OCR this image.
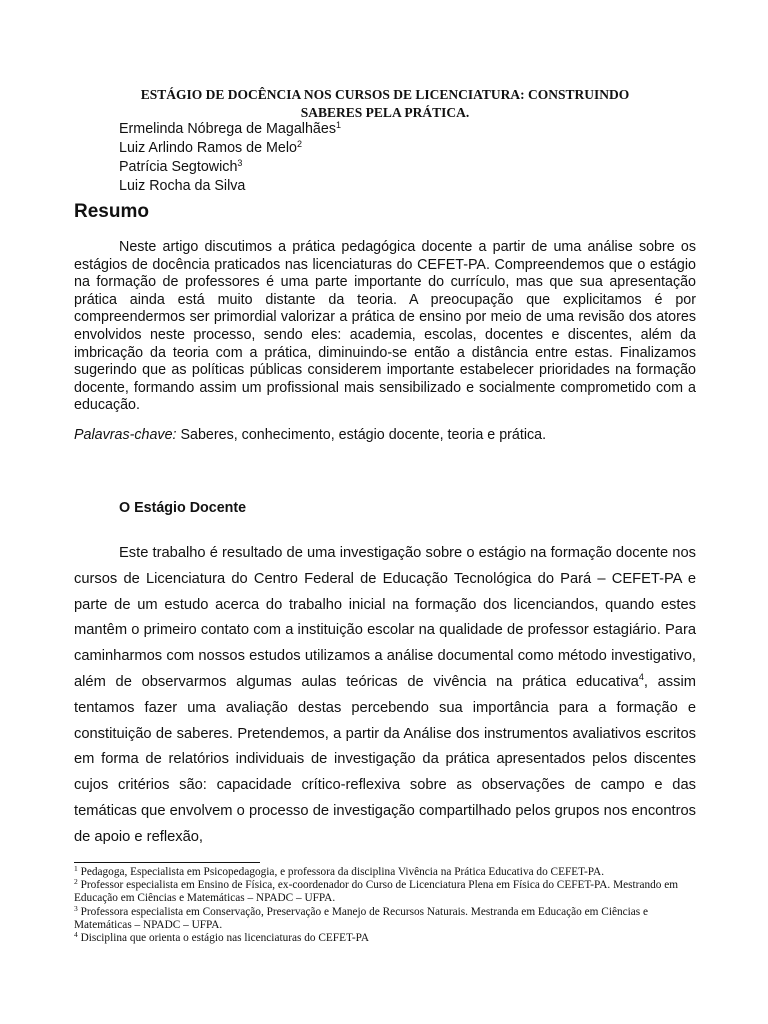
ESTÁGIO DE DOCÊNCIA NOS CURSOS DE LICENCIATURA: CONSTRUINDO
SABERES PELA PRÁTICA.
Ermelinda Nóbrega de Magalhães$^1$
Luiz Arlindo Ramos de Melo$^2$
Patrícia Segtowich$^3$
Luiz Rocha da Silva
Resumo

Neste artigo discutimos a prática pedagógica docente a partir de uma análise sobre os estágios de docência praticados nas licenciaturas do CEFET-PA. Compreendemos que o estágio na formação de professores é uma parte importante do currículo, mas que sua apresentação prática ainda está muito distante da teoria. A preocupação que explicitamos é por compreendermos ser primordial valorizar a prática de ensino por meio de uma revisão dos atores envolvidos neste processo, sendo eles: academia, escolas, docentes e discentes, além da imbricação da teoria com a prática, diminuindo-se então a distância entre estas. Finalizamos sugerindo que as políticas públicas considerem importante estabelecer prioridades na formação docente, formando assim um profissional mais sensibilizado e socialmente comprometido com a educação.

Palavras-chave: Saberes, conhecimento, estágio docente, teoria e prática.
O Estágio Docente

Este trabalho é resultado de uma investigação sobre o estágio na formação docente nos cursos de Licenciatura do Centro Federal de Educação Tecnológica do Pará – CEFET-PA e parte de um estudo acerca do trabalho inicial na formação dos licenciandos, quando estes mantêm o primeiro contato com a instituição escolar na qualidade de professor estagiário. Para caminharmos com nossos estudos utilizamos a análise documental como método investigativo, além de observarmos algumas aulas teóricas de vivência na prática educativa$^4$, assim tentamos fazer uma avaliação destas percebendo sua importância para a formação e constituição de saberes. Pretendemos, a partir da Análise dos instrumentos avaliativos escritos em forma de relatórios individuais de investigação da prática apresentados pelos discentes cujos critérios são: capacidade crítico-reflexiva sobre as observações de campo e das temáticas que envolvem o processo de investigação compartilhado pelos grupos nos encontros de apoio e reflexão,

$^1$ Pedagoga, Especialista em Psicopedagogia, e professora da disciplina Vivência na Prática Educativa do CEFET-PA.

$^2$ Professor especialista em Ensino de Física, ex-coordenador do Curso de Licenciatura Plena em Física do CEFET-PA. Mestrando em Educação em Ciências e Matemáticas – NPADC – UFPA.

$^3$ Professora especialista em Conservação, Preservação e Manejo de Recursos Naturais. Mestranda em Educação em Ciências e Matemáticas – NPADC – UFPA.

$^4$ Disciplina que orienta o estágio nas licenciaturas do CEFET-PA
